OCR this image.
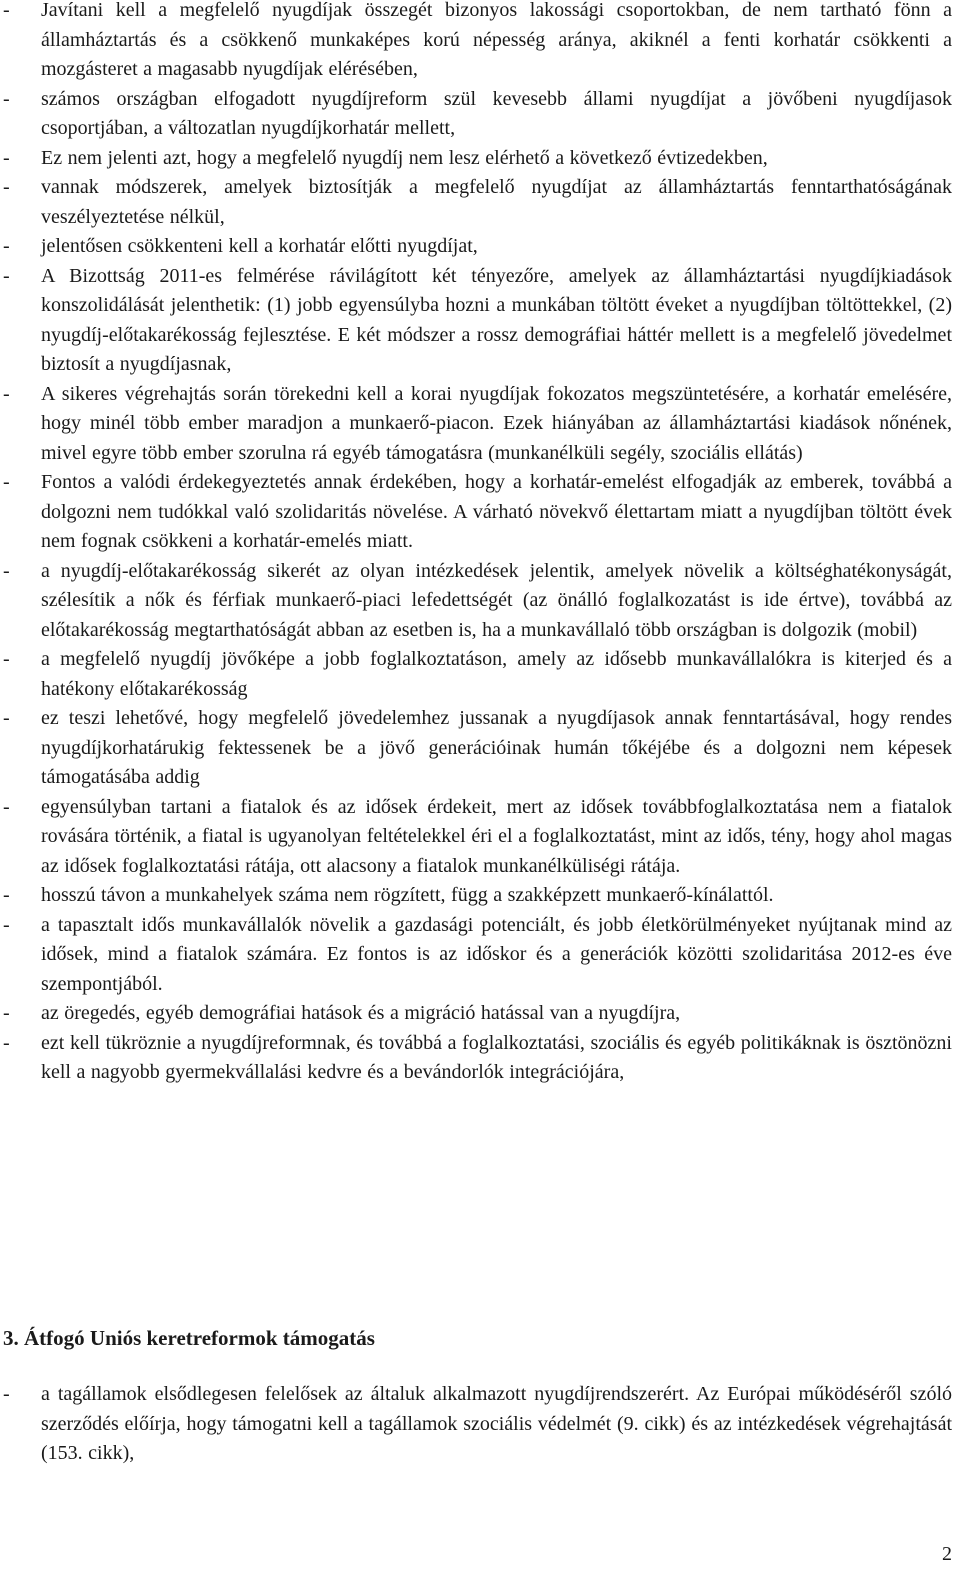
- Javítani kell a megfelelő nyugdíjak összegét bizonyos lakossági csoportokban, de nem tartható fönn a államháztartás és a csökkenő munkaképes korú népesség aránya, akiknél a fenti korhatár csökkenti a mozgásteret a magasabb nyugdíjak elérésében,
- számos országban elfogadott nyugdíjreform szül kevesebb állami nyugdíjat a jövőbeni nyugdíjasok csoportjában, a változatlan nyugdíjkorhatár mellett,
- Ez nem jelenti azt, hogy a megfelelő nyugdíj nem lesz elérhető a következő évtizedekben,
- vannak módszerek, amelyek biztosítják a megfelelő nyugdíjat az államháztartás fenntarthatóságának veszélyeztetése nélkül,
- jelentősen csökkenteni kell a korhatár előtti nyugdíjat,
- A Bizottság 2011-es felmérése rávilágított két tényezőre, amelyek az államháztartási nyugdíjkiadások konszolidálását jelenthetik: (1) jobb egyensúlyba hozni a munkában töltött éveket a nyugdíjban töltöttekkel, (2) nyugdíj-előtakarékosság fejlesztése. E két módszer a rossz demográfiai háttér mellett is a megfelelő jövedelmet biztosít a nyugdíjasnak,
- A sikeres végrehajtás során törekedni kell a korai nyugdíjak fokozatos megszüntetésére, a korhatár emelésére, hogy minél több ember maradjon a munkaerő-piacon. Ezek hiányában az államháztartási kiadások nőnének, mivel egyre több ember szorulna rá egyéb támogatásra (munkanélküli segély, szociális ellátás)
- Fontos a valódi érdekegyeztetés annak érdekében, hogy a korhatár-emelést elfogadják az emberek, továbbá a dolgozni nem tudókkal való szolidaritás növelése. A várható növekvő élettartam miatt a nyugdíjban töltött évek nem fognak csökkeni a korhatár-emelés miatt.
- a nyugdíj-előtakarékosság sikerét az olyan intézkedések jelentik, amelyek növelik a költséghatékonyságát, szélesítik a nők és férfiak munkaerő-piaci lefedettségét (az önálló foglalkozatást is ide értve), továbbá az előtakarékosság megtarthatóságát abban az esetben is, ha a munkavállaló több országban is dolgozik (mobil)
- a megfelelő nyugdíj jövőképe a jobb foglalkoztatáson, amely az idősebb munkavállalókra is kiterjed és a hatékony előtakarékosság
- ez teszi lehetővé, hogy megfelelő jövedelemhez jussanak a nyugdíjasok annak fenntartásával, hogy rendes nyugdíjkorhatárukig fektessenek be a jövő generációinak humán tőkéjébe és a dolgozni nem képesek támogatásába addig
- egyensúlyban tartani a fiatalok és az idősek érdekeit, mert az idősek továbbfoglalkoztatása nem a fiatalok rovására történik, a fiatal is ugyanolyan feltételekkel éri el a foglalkoztatást, mint az idős, tény, hogy ahol magas az idősek foglalkoztatási rátája, ott alacsony a fiatalok munkanélküliségi rátája.
- hosszú távon a munkahelyek száma nem rögzített, függ a szakképzett munkaerő-kínálattól.
- a tapasztalt idős munkavállalók növelik a gazdasági potenciált, és jobb életkörülményeket nyújtanak mind az idősek, mind a fiatalok számára. Ez fontos is az időskor és a generációk közötti szolidaritása 2012-es éve szempontjából.
- az öregedés, egyéb demográfiai hatások és a migráció hatással van a nyugdíjra,
- ezt kell tükröznie a nyugdíjreformnak, és továbbá a foglalkoztatási, szociális és egyéb politikáknak is ösztönözni kell a nagyobb gyermekvállalási kedvre és a bevándorlók integrációjára,
3. Átfogó Uniós keretreformok támogatás
- a tagállamok elsődlegesen felelősek az általuk alkalmazott nyugdíjrendszerért. Az Európai működéséről szóló szerződés előírja, hogy támogatni kell a tagállamok szociális védelmét (9. cikk) és az intézkedések végrehajtását (153. cikk),
2
